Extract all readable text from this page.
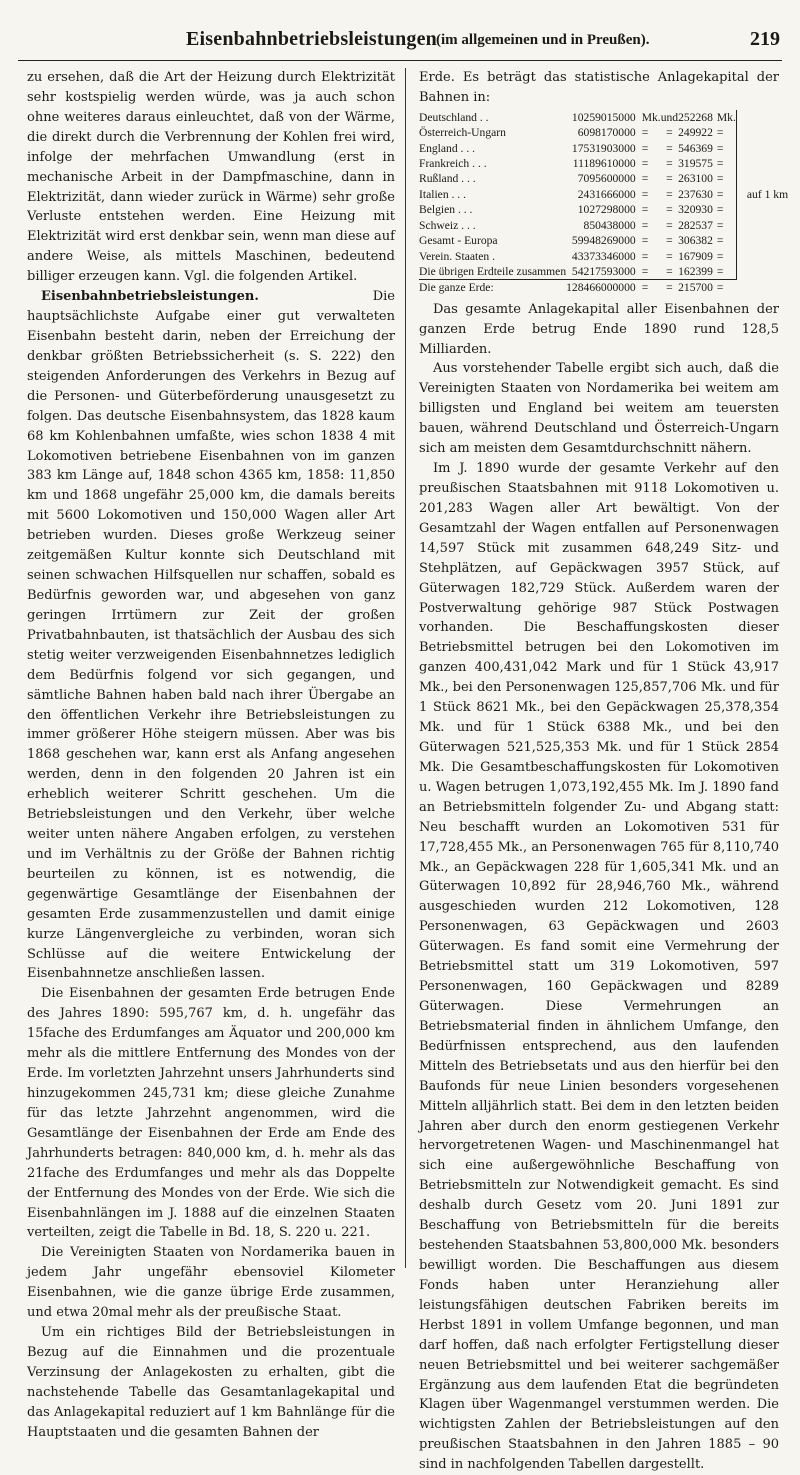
Eisenbahnbetriebsleistungen
(im allgemeinen und in Preußen).	219

zu ersehen, daß die Art der Heizung durch Elektrizität sehr kostspielig werden würde, was ja auch schon ohne weiteres daraus einleuchtet, daß von der Wärme, die direkt durch die Verbrennung der Kohlen frei wird, infolge der mehrfachen Umwandlung (erst in mechanische Arbeit in der Dampfmaschine, dann in Elektrizität, dann wieder zurück in Wärme) sehr große Verluste entstehen werden. Eine Heizung mit Elektrizität wird erst denkbar sein, wenn man diese auf andere Weise, als mittels Maschinen, bedeutend billiger erzeugen kann. Vgl. die folgenden Artikel.

Eisenbahnbetriebsleistungen. Die hauptsächlichste Aufgabe einer gut verwalteten Eisenbahn besteht darin, neben der Erreichung der denkbar größten Betriebssicherheit (s. S. 222) den steigenden Anforderungen des Verkehrs in Bezug auf die Personen- und Güterbeförderung unausgesetzt zu folgen. Das deutsche Eisenbahnsystem, das 1828 kaum 68 km Kohlenbahnen umfaßte, wies schon 1838 4 mit Lokomotiven betriebene Eisenbahnen von im ganzen 383 km Länge auf, 1848 schon 4365 km, 1858: 11,850 km und 1868 ungefähr 25,000 km, die damals bereits mit 5600 Lokomotiven und 150,000 Wagen aller Art betrieben wurden. Dieses große Werkzeug seiner zeitgemäßen Kultur konnte sich Deutschland mit seinen schwachen Hilfsquellen nur schaffen, sobald es Bedürfnis geworden war, und abgesehen von ganz geringen Irrtümern zur Zeit der großen Privatbahnbauten, ist thatsächlich der Ausbau des sich stetig weiter verzweigenden Eisenbahnnetzes lediglich dem Bedürfnis folgend vor sich gegangen, und sämtliche Bahnen haben bald nach ihrer Übergabe an den öffentlichen Verkehr ihre Betriebsleistungen zu immer größerer Höhe steigern müssen. Aber was bis 1868 geschehen war, kann erst als Anfang angesehen werden, denn in den folgenden 20 Jahren ist ein erheblich weiterer Schritt geschehen. Um die Betriebsleistungen und den Verkehr, über welche weiter unten nähere Angaben erfolgen, zu verstehen und im Verhältnis zu der Größe der Bahnen richtig beurteilen zu können, ist es notwendig, die gegenwärtige Gesamtlänge der Eisenbahnen der gesamten Erde zusammenzustellen und damit einige kurze Längenvergleiche zu verbinden, woran sich Schlüsse auf die weitere Entwickelung der Eisenbahnnetze anschließen lassen.

Die Eisenbahnen der gesamten Erde betrugen Ende des Jahres 1890: 595,767 km, d. h. ungefähr das 15fache des Erdumfanges am Äquator und 200,000 km mehr als die mittlere Entfernung des Mondes von der Erde. Im vorletzten Jahrzehnt unsers Jahrhunderts sind hinzugekommen 245,731 km; diese gleiche Zunahme für das letzte Jahrzehnt angenommen, wird die Gesamtlänge der Eisenbahnen der Erde am Ende des Jahrhunderts betragen: 840,000 km, d. h. mehr als das 21fache des Erdumfanges und mehr als das Doppelte der Entfernung des Mondes von der Erde. Wie sich die Eisenbahnlängen im J. 1888 auf die einzelnen Staaten verteilten, zeigt die Tabelle in Bd. 18, S. 220 u. 221.

Die Vereinigten Staaten von Nordamerika bauen in jedem Jahr ungefähr ebensoviel Kilometer Eisenbahnen, wie die ganze übrige Erde zusammen, und etwa 20mal mehr als der preußische Staat.

Um ein richtiges Bild der Betriebsleistungen in Bezug auf die Einnahmen und die prozentuale Verzinsung der Anlagekosten zu erhalten, gibt die nachstehende Tabelle das Gesamtanlagekapital und das Anlagekapital reduziert auf 1 km Bahnlänge für die Hauptstaaten und die gesamten Bahnen der

Erde. Es beträgt das statistische Anlagekapital der Bahnen in:

Deutschland . .	10259015000	Mk.	und	252268	Mk.		auf 1 km
Österreich-Ungarn	6098170000	=	=	249922	=	
England . . .	17531903000	=	=	546369	=	
Frankreich . . .	11189610000	=	=	319575	=	
Rußland . . .	7095600000	=	=	263100	=	
Italien . . .	2431666000	=	=	237630	=	
Belgien . . .	1027298000	=	=	320930	=	
Schweiz . . .	850438000	=	=	282537	=	
Gesamt - Europa	59948269000	=	=	306382	=	
Verein. Staaten .	43373346000	=	=	167909	=	
Die übrigen Erdteile zusammen	54217593000	=	=	162399	=	
Die ganze Erde:	128466000000	=	=	215700	=	

Das gesamte Anlagekapital aller Eisenbahnen der ganzen Erde betrug Ende 1890 rund 128,5 Milliarden.

Aus vorstehender Tabelle ergibt sich auch, daß die Vereinigten Staaten von Nordamerika bei weitem am billigsten und England bei weitem am teuersten bauen, während Deutschland und Österreich-Ungarn sich am meisten dem Gesamtdurchschnitt nähern.

Im J. 1890 wurde der gesamte Verkehr auf den preußischen Staatsbahnen mit 9118 Lokomotiven u. 201,283 Wagen aller Art bewältigt. Von der Gesamtzahl der Wagen entfallen auf Personenwagen 14,597 Stück mit zusammen 648,249 Sitz- und Stehplätzen, auf Gepäckwagen 3957 Stück, auf Güterwagen 182,729 Stück. Außerdem waren der Postverwaltung gehörige 987 Stück Postwagen vorhanden. Die Beschaffungskosten dieser Betriebsmittel betrugen bei den Lokomotiven im ganzen 400,431,042 Mark und für 1 Stück 43,917 Mk., bei den Personenwagen 125,857,706 Mk. und für 1 Stück 8621 Mk., bei den Gepäckwagen 25,378,354 Mk. und für 1 Stück 6388 Mk., und bei den Güterwagen 521,525,353 Mk. und für 1 Stück 2854 Mk. Die Gesamtbeschaffungskosten für Lokomotiven u. Wagen betrugen 1,073,192,455 Mk. Im J. 1890 fand an Betriebsmitteln folgender Zu- und Abgang statt: Neu beschafft wurden an Lokomotiven 531 für 17,728,455 Mk., an Personenwagen 765 für 8,110,740 Mk., an Gepäckwagen 228 für 1,605,341 Mk. und an Güterwagen 10,892 für 28,946,760 Mk., während ausgeschieden wurden 212 Lokomotiven, 128 Personenwagen, 63 Gepäckwagen und 2603 Güterwagen. Es fand somit eine Vermehrung der Betriebsmittel statt um 319 Lokomotiven, 597 Personenwagen, 160 Gepäckwagen und 8289 Güterwagen. Diese Vermehrungen an Betriebsmaterial finden in ähnlichem Umfange, den Bedürfnissen entsprechend, aus den laufenden Mitteln des Betriebsetats und aus den hierfür bei den Baufonds für neue Linien besonders vorgesehenen Mitteln alljährlich statt. Bei dem in den letzten beiden Jahren aber durch den enorm gestiegenen Verkehr hervorgetretenen Wagen- und Maschinenmangel hat sich eine außergewöhnliche Beschaffung von Betriebsmitteln zur Notwendigkeit gemacht. Es sind deshalb durch Gesetz vom 20. Juni 1891 zur Beschaffung von Betriebsmitteln für die bereits bestehenden Staatsbahnen 53,800,000 Mk. besonders bewilligt worden. Die Beschaffungen aus diesem Fonds haben unter Heranziehung aller leistungsfähigen deutschen Fabriken bereits im Herbst 1891 in vollem Umfange begonnen, und man darf hoffen, daß nach erfolgter Fertigstellung dieser neuen Betriebsmittel und bei weiterer sachgemäßer Ergänzung aus dem laufenden Etat die begründeten Klagen über Wagenmangel verstummen werden. Die wichtigsten Zahlen der Betriebsleistungen auf den preußischen Staatsbahnen in den Jahren 1885 – 90 sind in nachfolgenden Tabellen dargestellt.
